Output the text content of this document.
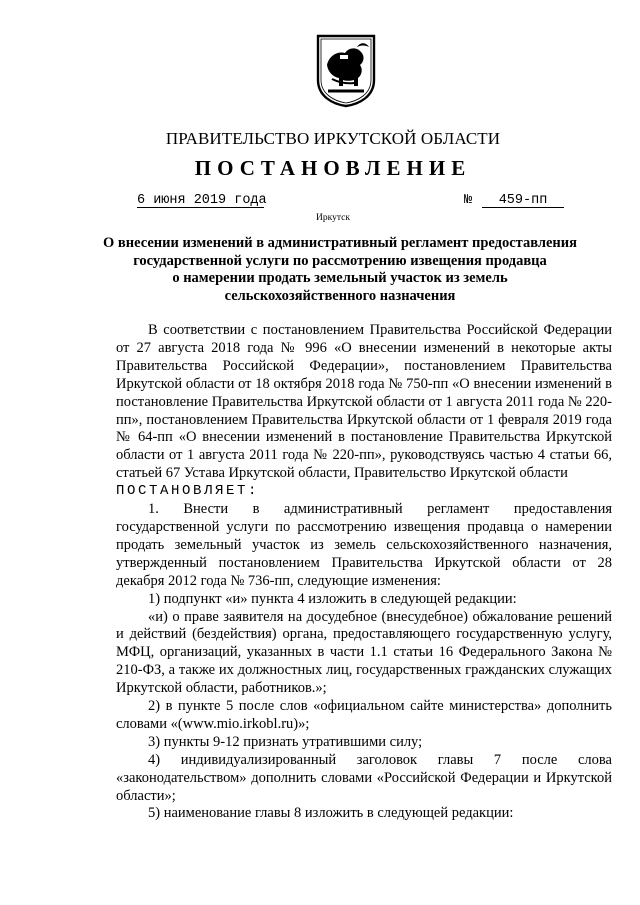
ПРАВИТЕЛЬСТВО ИРКУТСКОЙ ОБЛАСТИ
ПОСТАНОВЛЕНИЕ
6 июня 2019 года	№	459-пп
Иркутск
О внесении изменений в административный регламент предоставления
государственной услуги по рассмотрению извещения продавца
о намерении продать земельный участок из земель
сельскохозяйственного назначения

В соответствии с постановлением Правительства Российской Федерации от 27 августа 2018 года № 996 «О внесении изменений в некоторые акты Правительства Российской Федерации», постановлением Правительства Иркутской области от 18 октября 2018 года № 750-пп «О внесении изменений в постановление Правительства Иркутской области от 1 августа 2011 года № 220-пп», постановлением Правительства Иркутской области от 1 февраля 2019 года № 64-пп «О внесении изменений в постановление Правительства Иркутской области от 1 августа 2011 года № 220-пп», руководствуясь частью 4 статьи 66, статьей 67 Устава Иркутской области, Правительство Иркутской области

ПОСТАНОВЛЯЕТ:

1. Внести в административный регламент предоставления государственной услуги по рассмотрению извещения продавца о намерении продать земельный участок из земель сельскохозяйственного назначения, утвержденный постановлением Правительства Иркутской области от 28 декабря 2012 года № 736-пп, следующие изменения:

1) подпункт «и» пункта 4 изложить в следующей редакции:

«и) о праве заявителя на досудебное (внесудебное) обжалование решений и действий (бездействия) органа, предоставляющего государственную услугу, МФЦ, организаций, указанных в части 1.1 статьи 16 Федерального Закона № 210-ФЗ, а также их должностных лиц, государственных гражданских служащих Иркутской области, работников.»;

2) в пункте 5 после слов «официальном сайте министерства» дополнить словами «(www.mio.irkobl.ru)»;

3) пункты 9-12 признать утратившими силу;

4) индивидуализированный заголовок главы 7 после слова «законодательством» дополнить словами «Российской Федерации и Иркутской области»;

5) наименование главы 8 изложить в следующей редакции:
